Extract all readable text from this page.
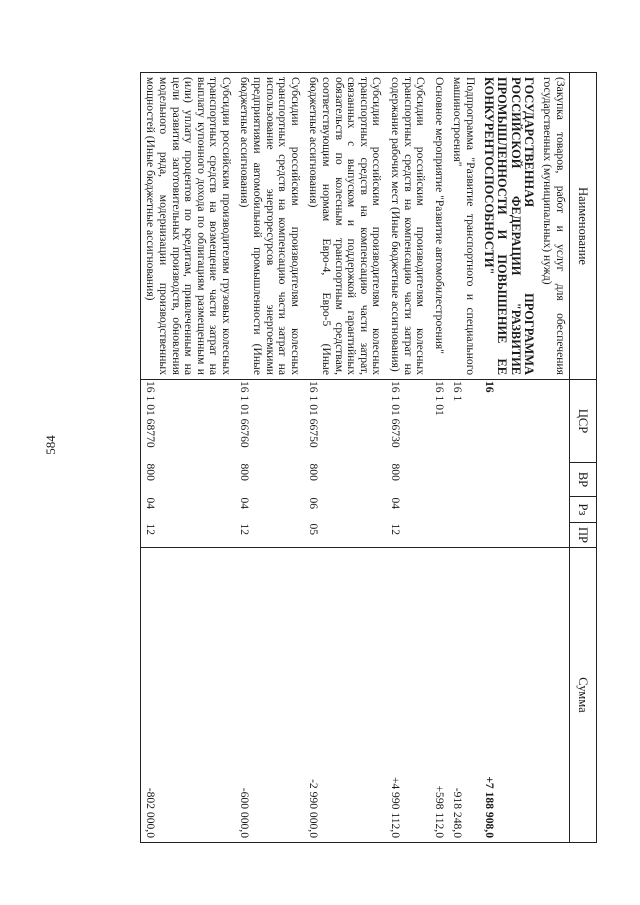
584
Наименование	ЦСР	ВР	Рз	ПР	Сумма
(Закупка товаров, работ и услуг для обеспечения государственных (муниципальных) нужд)					
ГОСУДАРСТВЕННАЯ ПРОГРАММА РОССИЙСКОЙ ФЕДЕРАЦИИ "РАЗВИТИЕ ПРОМЫШЛЕННОСТИ И ПОВЫШЕНИЕ ЕЕ КОНКУРЕНТОСПОСОБНОСТИ"	16				+7 188 908,0
Подпрограмма "Развитие транспортного и специального машиностроения"	16 1				-918 248,0
Основное мероприятие "Развитие автомобилестроения"	16 1 01				+598 112,0
Субсидии российским производителям колесных транспортных средств на компенсацию части затрат на содержание рабочих мест (Иные бюджетные ассигнования)	16 1 01 66730	800	04	12	+4 990 112,0
Субсидии российским производителям колесных транспортных средств на компенсацию части затрат, связанных с выпуском и поддержкой гарантийных обязательств по колесным транспортным средствам, соответствующим нормам Евро-4, Евро-5 (Иные бюджетные ассигнования)	16 1 01 66750	800	06	05	-2 990 000,0
Субсидии российским производителям колесных транспортных средств на компенсацию части затрат на использование энергоресурсов энергоемкими предприятиями автомобильной промышленности (Иные бюджетные ассигнования)	16 1 01 66760	800	04	12	-600 000,0
Субсидии российским производителям грузовых колесных транспортных средств на возмещение части затрат на выплату купонного дохода по облигациям размещенным и (или) уплату процентов по кредитам, привлеченным на цели развития заготовительных производств, обновления модельного ряда, модернизации производственных мощностей (Иные бюджетные ассигнования)	16 1 01 68770	800	04	12	-802 000,0
